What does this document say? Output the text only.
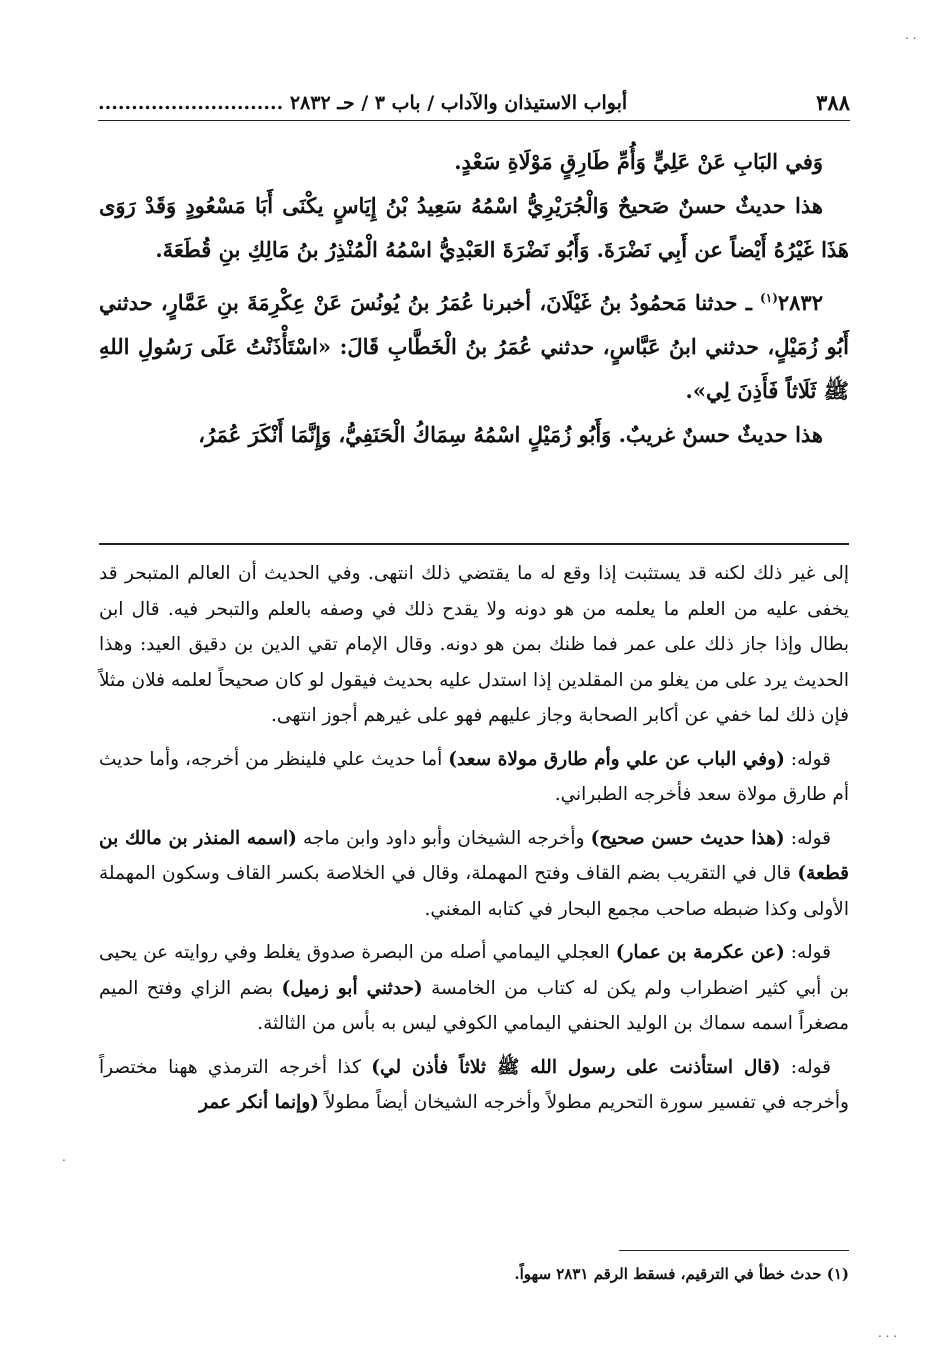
٣٨٨
أبواب الاستيذان والآداب / باب ٣ / حـ ٢٨٣٢ ............................

وَفي البَابِ عَنْ عَلِيٍّ وَأُمِّ طَارِقٍ مَوْلَاةِ سَعْدٍ.

هذا حديثٌ حسنٌ صَحيحٌ وَالْجُرَيْرِيُّ اسْمُهُ سَعِيدُ بْنُ إِيَاسٍ يكْنَى أَبَا مَسْعُودٍ وَقَدْ رَوَى هَذَا غَيْرُهُ أَيْضاً عن أَبِي نَضْرَةَ. وَأَبُو نَضْرَةَ العَبْدِيُّ اسْمُهُ الْمُنْذِرُ بنُ مَالِكِ بنِ قُطَعَةَ.

٢٨٣٢$^{(١)}$ ـ حدثنا مَحمُودُ بنُ غَيْلَانَ، أخبرنا عُمَرُ بنُ يُونُسَ عَنْ عِكْرِمَةَ بنِ عَمَّارٍ، حدثني أَبُو زُمَيْلٍ، حدثني ابنُ عَبَّاسٍ، حدثني عُمَرُ بنُ الْخَطَّابِ قَالَ: «اسْتَأْذَنْتُ عَلَى رَسُولِ اللهِ ﷺ ثَلَاثاً فَأَذِنَ لِي».

هذا حديثٌ حسنٌ غريبٌ. وَأَبُو زُمَيْلٍ اسْمُهُ سِمَاكُ الْحَنَفِيُّ، وَإِنَّمَا أَنْكَرَ عُمَرُ،

إلى غير ذلك لكنه قد يستثبت إذا وقع له ما يقتضي ذلك انتهى. وفي الحديث أن العالم المتبحر قد يخفى عليه من العلم ما يعلمه من هو دونه ولا يقدح ذلك في وصفه بالعلم والتبحر فيه. قال ابن بطال وإذا جاز ذلك على عمر فما ظنك بمن هو دونه. وقال الإمام تقي الدين بن دقيق العيد: وهذا الحديث يرد على من يغلو من المقلدين إذا استدل عليه بحديث فيقول لو كان صحيحاً لعلمه فلان مثلاً فإن ذلك لما خفي عن أكابر الصحابة وجاز عليهم فهو على غيرهم أجوز انتهى.

قوله: (وفي الباب عن علي وأم طارق مولاة سعد) أما حديث علي فلينظر من أخرجه، وأما حديث أم طارق مولاة سعد فأخرجه الطبراني.

قوله: (هذا حديث حسن صحيح) وأخرجه الشيخان وأبو داود وابن ماجه (اسمه المنذر بن مالك بن قطعة) قال في التقريب بضم القاف وفتح المهملة، وقال في الخلاصة بكسر القاف وسكون المهملة الأولى وكذا ضبطه صاحب مجمع البحار في كتابه المغني.

قوله: (عن عكرمة بن عمار) العجلي اليمامي أصله من البصرة صدوق يغلط وفي روايته عن يحيى بن أبي كثير اضطراب ولم يكن له كتاب من الخامسة (حدثني أبو زميل) بضم الزاي وفتح الميم مصغراً اسمه سماك بن الوليد الحنفي اليمامي الكوفي ليس به بأس من الثالثة.

قوله: (قال استأذنت على رسول الله ﷺ ثلاثاً فأذن لي) كذا أخرجه الترمذي ههنا مختصراً وأخرجه في تفسير سورة التحريم مطولاً وأخرجه الشيخان أيضاً مطولاً (وإنما أنكر عمر

(١) حدث خطأ في الترقيم، فسقط الرقم ٢٨٣١ سهواً.
. .
. . .
.
